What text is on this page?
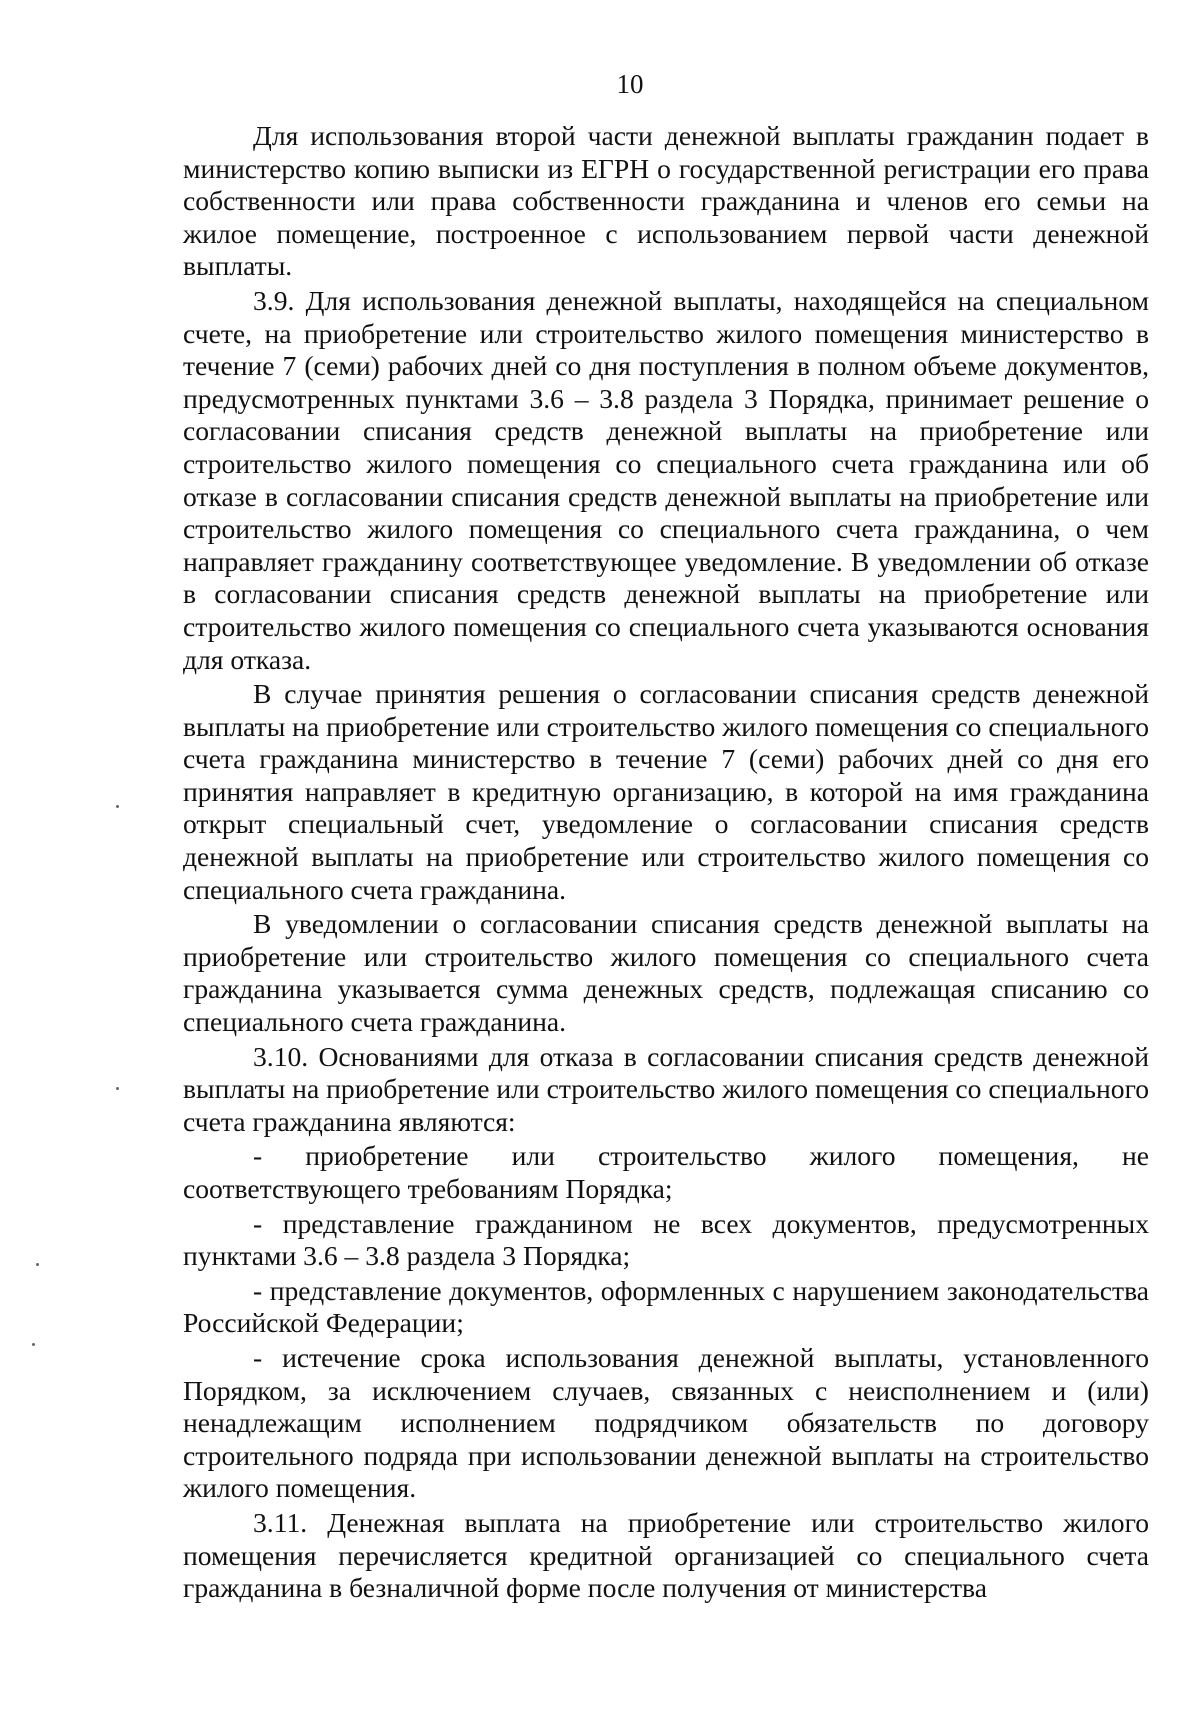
10

Для использования второй части денежной выплаты гражданин подает в министерство копию выписки из ЕГРН о государственной регистрации его права собственности или права собственности гражданина и членов его семьи на жилое помещение, построенное с использованием первой части денежной выплаты.

3.9. Для использования денежной выплаты, находящейся на специальном счете, на приобретение или строительство жилого помещения министерство в течение 7 (семи) рабочих дней со дня поступления в полном объеме документов, предусмотренных пунктами 3.6 – 3.8 раздела 3 Порядка, принимает решение о согласовании списания средств денежной выплаты на приобретение или строительство жилого помещения со специального счета гражданина или об отказе в согласовании списания средств денежной выплаты на приобретение или строительство жилого помещения со специального счета гражданина, о чем направляет гражданину соответствующее уведомление. В уведомлении об отказе в согласовании списания средств денежной выплаты на приобретение или строительство жилого помещения со специального счета указываются основания для отказа.

В случае принятия решения о согласовании списания средств денежной выплаты на приобретение или строительство жилого помещения со специального счета гражданина министерство в течение 7 (семи) рабочих дней со дня его принятия направляет в кредитную организацию, в которой на имя гражданина открыт специальный счет, уведомление о согласовании списания средств денежной выплаты на приобретение или строительство жилого помещения со специального счета гражданина.

В уведомлении о согласовании списания средств денежной выплаты на приобретение или строительство жилого помещения со специального счета гражданина указывается сумма денежных средств, подлежащая списанию со специального счета гражданина.

3.10. Основаниями для отказа в согласовании списания средств денежной выплаты на приобретение или строительство жилого помещения со специального счета гражданина являются:

- приобретение или строительство жилого помещения, не соответствующего требованиям Порядка;

- представление гражданином не всех документов, предусмотренных пунктами 3.6 – 3.8 раздела 3 Порядка;

- представление документов, оформленных с нарушением законодательства Российской Федерации;

- истечение срока использования денежной выплаты, установленного Порядком, за исключением случаев, связанных с неисполнением и (или) ненадлежащим исполнением подрядчиком обязательств по договору строительного подряда при использовании денежной выплаты на строительство жилого помещения.

3.11. Денежная выплата на приобретение или строительство жилого помещения перечисляется кредитной организацией со специального счета гражданина в безналичной форме после получения от министерства
